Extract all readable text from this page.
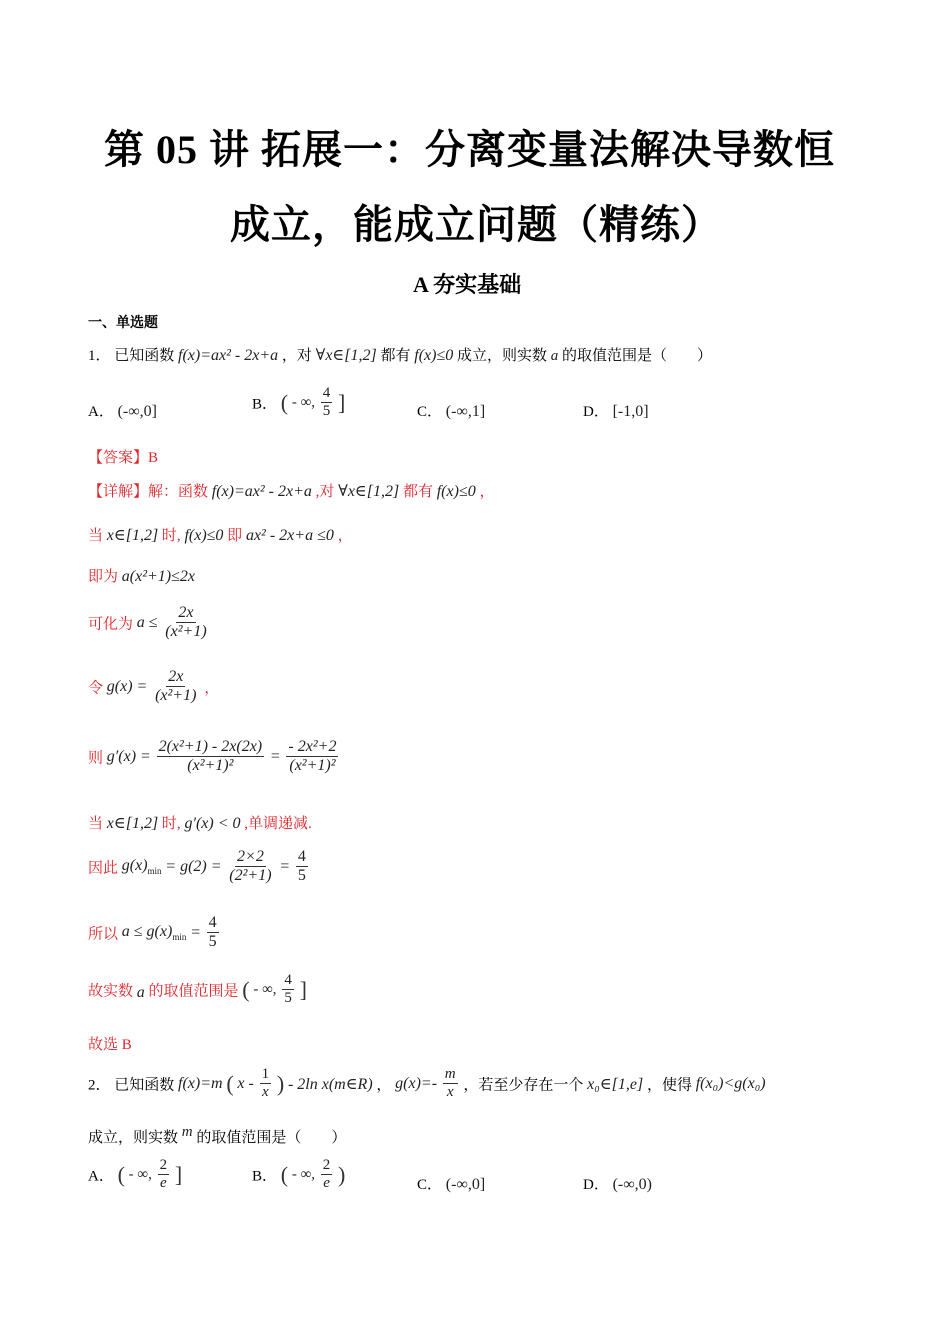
第 05 讲 拓展一：分离变量法解决导数恒
成立，能成立问题（精练）
A 夯实基础
一、单选题
1． 已知函数 f(x)=ax² - 2x+a ，对 ∀x∈[1,2] 都有 f(x)≤0 成立，则实数 a 的取值范围是（　　）
A． (-∞,0]	B． ( - ∞, $\frac{4}{5}$ ]	C． (-∞,1]	D． [-1,0]
【答案】B
【详解】解：函数 f(x)=ax² - 2x+a ,对 ∀x∈[1,2] 都有 f(x)≤0 ，
当 x∈[1,2] 时, f(x)≤0 即 ax² - 2x+a ≤0 ，
即为 a(x²+1)≤2x
可化为 $a \le \frac{2x}{\text{(x²+1)}}$
令 $g(x) = \frac{2x}{\text{(x²+1)}}$ ，
则 $g'(x) = \frac{\text{2(x²+1) - 2x(2x)}}{\text{(x²+1)²}} = \frac{\text{- 2x²+2}}{\text{(x²+1)²}}$
当 x∈[1,2] 时, g′(x) < 0 ,单调递减.
因此 $g(x)_{min} = g(2) = \frac{2\times 2}{\text{(2²+1)}} = \frac{4}{5}$
所以 $a \le g(x)_{min} = \frac{4}{5}$
故实数 a 的取值范围是 ( - ∞, $\frac{4}{5}$ ]
故选 B
2． 已知函数 f(x)=m ( x - $\frac{1}{x}$ ) - 2ln x(m∈R) ， $g(x)=- \frac{m}{x}$ ，若至少存在一个 x₀∈[1,e] ，使得 f(x₀)<g(x₀)
成立，则实数 m 的取值范围是（　　）
A． ( - ∞, $\frac{2}{e}$ ]	B． ( - ∞, $\frac{2}{e}$ )	C． (-∞,0]	D． (-∞,0)
